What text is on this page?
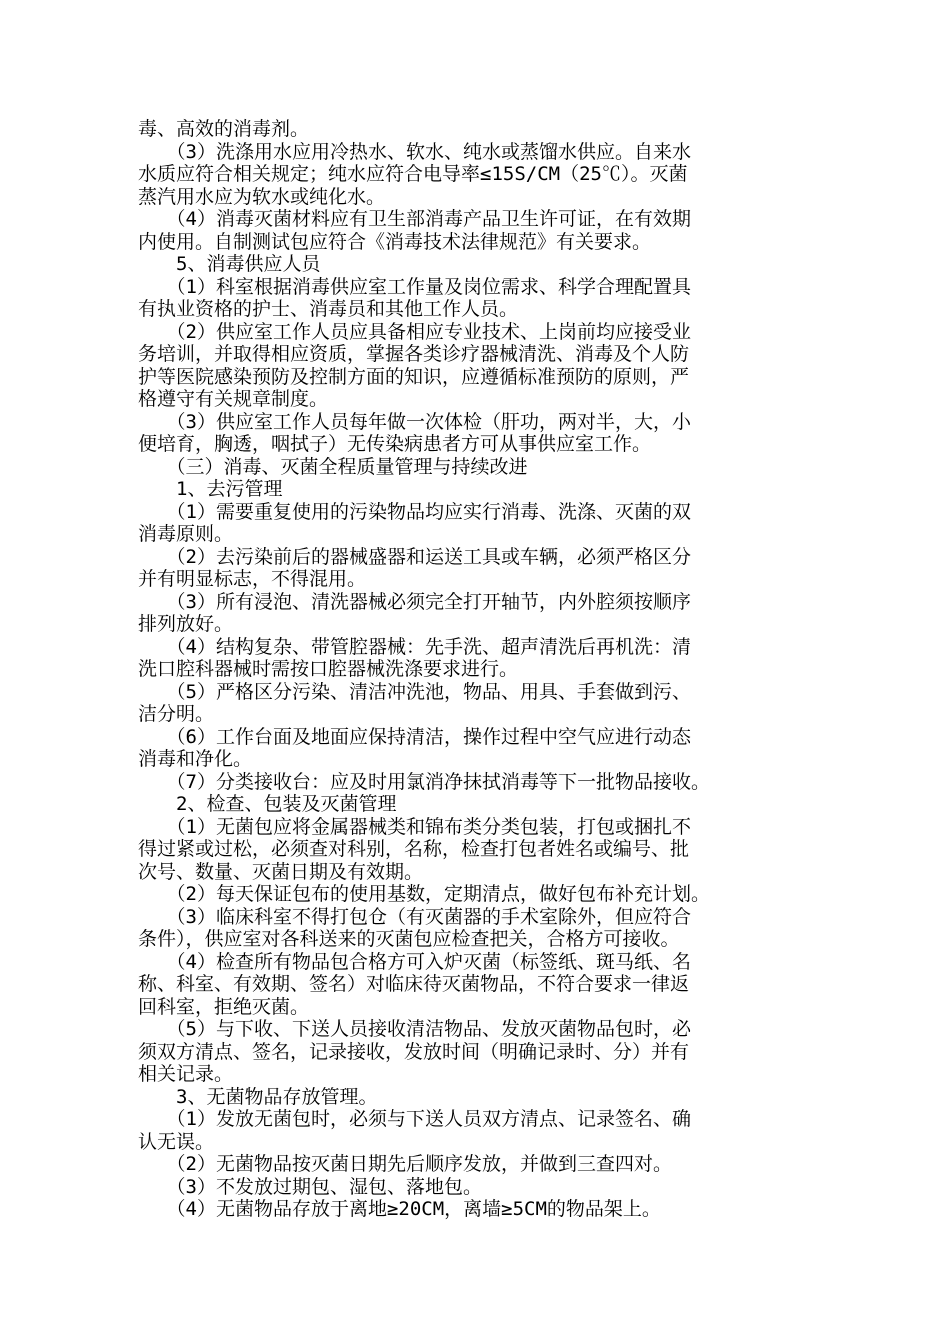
毒、高效的消毒剂。
　　（3）洗涤用水应用冷热水、软水、纯水或蒸馏水供应。自来水
水质应符合相关规定；纯水应符合电导率≤15S/CM（25℃）。灭菌
蒸汽用水应为软水或纯化水。
　　（4）消毒灭菌材料应有卫生部消毒产品卫生许可证，在有效期
内使用。自制测试包应符合《消毒技术法律规范》有关要求。
　　5、消毒供应人员
　　（1）科室根据消毒供应室工作量及岗位需求、科学合理配置具
有执业资格的护士、消毒员和其他工作人员。
　　（2）供应室工作人员应具备相应专业技术、上岗前均应接受业
务培训，并取得相应资质，掌握各类诊疗器械清洗、消毒及个人防
护等医院感染预防及控制方面的知识，应遵循标准预防的原则，严
格遵守有关规章制度。
　　（3）供应室工作人员每年做一次体检（肝功，两对半，大，小
便培育，胸透，咽拭子）无传染病患者方可从事供应室工作。
　　（三）消毒、灭菌全程质量管理与持续改进
　　1、去污管理
　　（1）需要重复使用的污染物品均应实行消毒、洗涤、灭菌的双
消毒原则。
　　（2）去污染前后的器械盛器和运送工具或车辆，必须严格区分
并有明显标志，不得混用。
　　（3）所有浸泡、清洗器械必须完全打开轴节，内外腔须按顺序
排列放好。
　　（4）结构复杂、带管腔器械：先手洗、超声清洗后再机洗：清
洗口腔科器械时需按口腔器械洗涤要求进行。
　　（5）严格区分污染、清洁冲洗池，物品、用具、手套做到污、
洁分明。
　　（6）工作台面及地面应保持清洁，操作过程中空气应进行动态
消毒和净化。
　　（7）分类接收台：应及时用氯消净抹拭消毒等下一批物品接收。
　　2、检查、包装及灭菌管理
　　（1）无菌包应将金属器械类和锦布类分类包装，打包或捆扎不
得过紧或过松，必须查对科别，名称，检查打包者姓名或编号、批
次号、数量、灭菌日期及有效期。
　　（2）每天保证包布的使用基数，定期清点，做好包布补充计划。
　　（3）临床科室不得打包仓（有灭菌器的手术室除外，但应符合
条件），供应室对各科送来的灭菌包应检查把关，合格方可接收。
　　（4）检查所有物品包合格方可入炉灭菌（标签纸、斑马纸、名
称、科室、有效期、签名）对临床待灭菌物品，不符合要求一律返
回科室，拒绝灭菌。
　　（5）与下收、下送人员接收清洁物品、发放灭菌物品包时，必
须双方清点、签名，记录接收，发放时间（明确记录时、分）并有
相关记录。
　　3、无菌物品存放管理。
　　（1）发放无菌包时，必须与下送人员双方清点、记录签名、确
认无误。
　　（2）无菌物品按灭菌日期先后顺序发放，并做到三查四对。
　　（3）不发放过期包、湿包、落地包。
　　（4）无菌物品存放于离地≥20CM，离墙≥5CM的物品架上。
